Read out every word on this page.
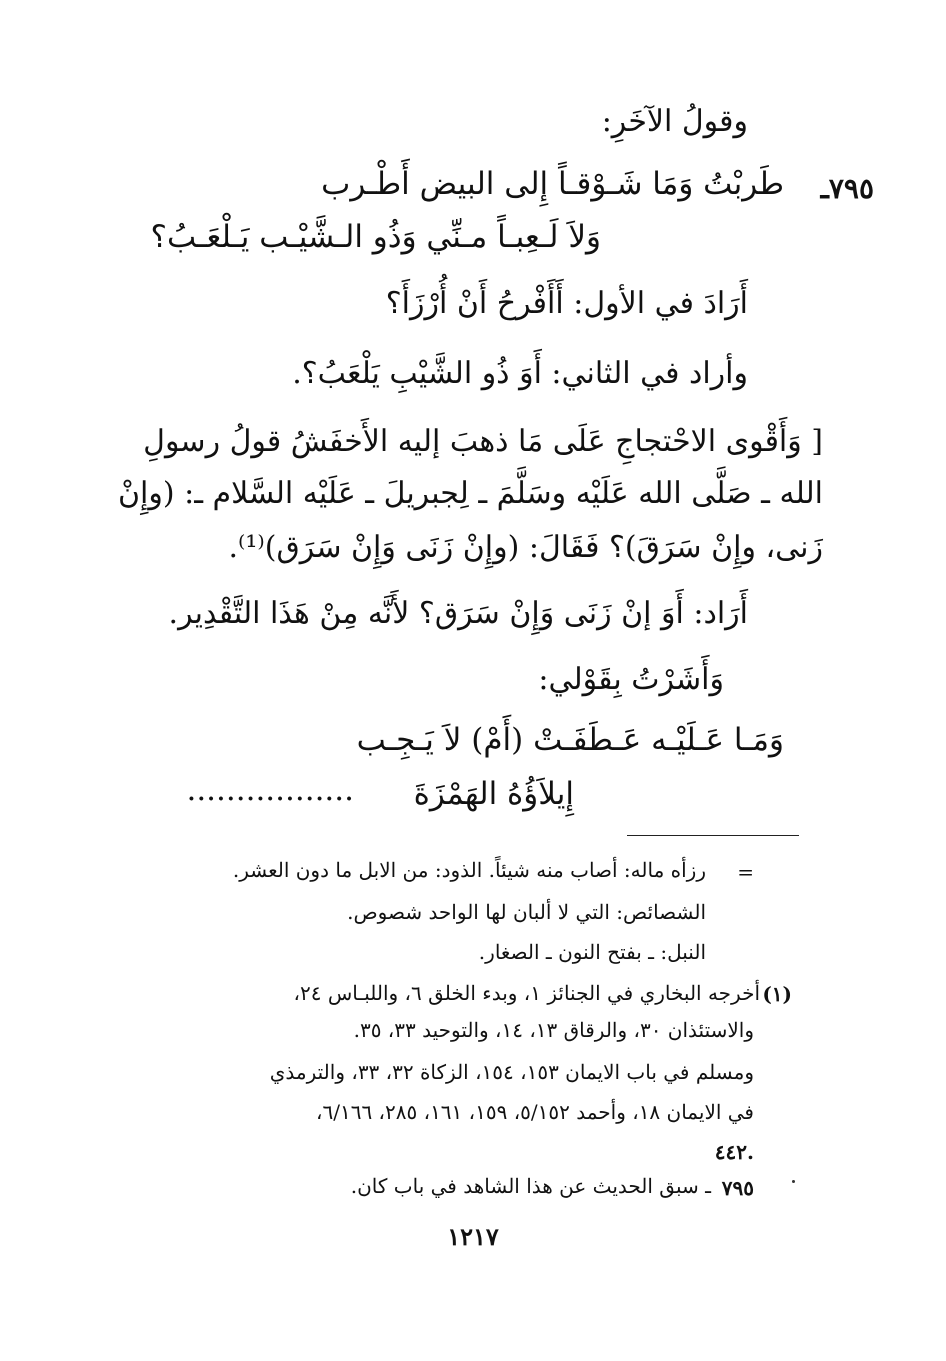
وقولُ الآخَرِ:
٧٩٥ـ
طَربْتُ وَمَا شَـوْقـاً إِلى البيض أَطْـرب
وَلاَ لَـعِبـاً مـنِّي وَذُو الـشَّيْـب يَـلْعَـبُ؟
أَرَادَ في الأول: أَأَفْرحُ أَنْ أُرْزَأَ؟
وأراد في الثاني: أَوَ ذُو الشَّيْبِ يَلْعَبُ؟.
[ وَأَقْوى الاحْتجاجِ عَلَى مَا ذهبَ إليه الأَخفَشُ قولُ رسولِ
الله ـ صَلَّى الله عَلَيْه وسَلَّمَ ـ لِجبريلَ ـ عَلَيْه السَّلام ـ: (وإِنْ
زَنى، وإِنْ سَرَقَ)؟ فَقَالَ: (وإِنْ زَنَى وَإِنْ سَرَق)⁽¹⁾.
أَرَاد: أَوَ إنْ زَنَى وَإِنْ سَرَق؟ لأَنَّه مِنْ هَذَا التَّقْدِير.
وَأَشَرْتُ بِقَوْلي:
وَمَـا عَـلَيْـه عَـطَفَـتْ (أَمْ) لاَ يَـجِـب
إِيلاَؤُهُ الهَمْزَةَ
.................
=
رزأه ماله: أصاب منه شيئاً. الذود: من الابل ما دون العشر.
الشصائص: التي لا ألبان لها الواحد شصوص.
النبل: ـ بفتح النون ـ الصغار.
(١)
أخرجه البخاري في الجنائز ١، وبدء الخلق ٦، واللبـاس ٢٤،
والاستئذان ٣٠، والرقاق ١٣، ١٤، والتوحيد ٣٣، ٣٥.
ومسلم في باب الايمان ١٥٣، ١٥٤، الزكاة ٣٢، ٣٣، والترمذي
في الايمان ١٨، وأحمد ٥/١٥٢، ١٥٩، ١٦١، ٢٨٥، ٦/١٦٦،
٤٤٢.
٧٩٥
ـ سبق الحديث عن هذا الشاهد في باب كان.
١٢١٧
